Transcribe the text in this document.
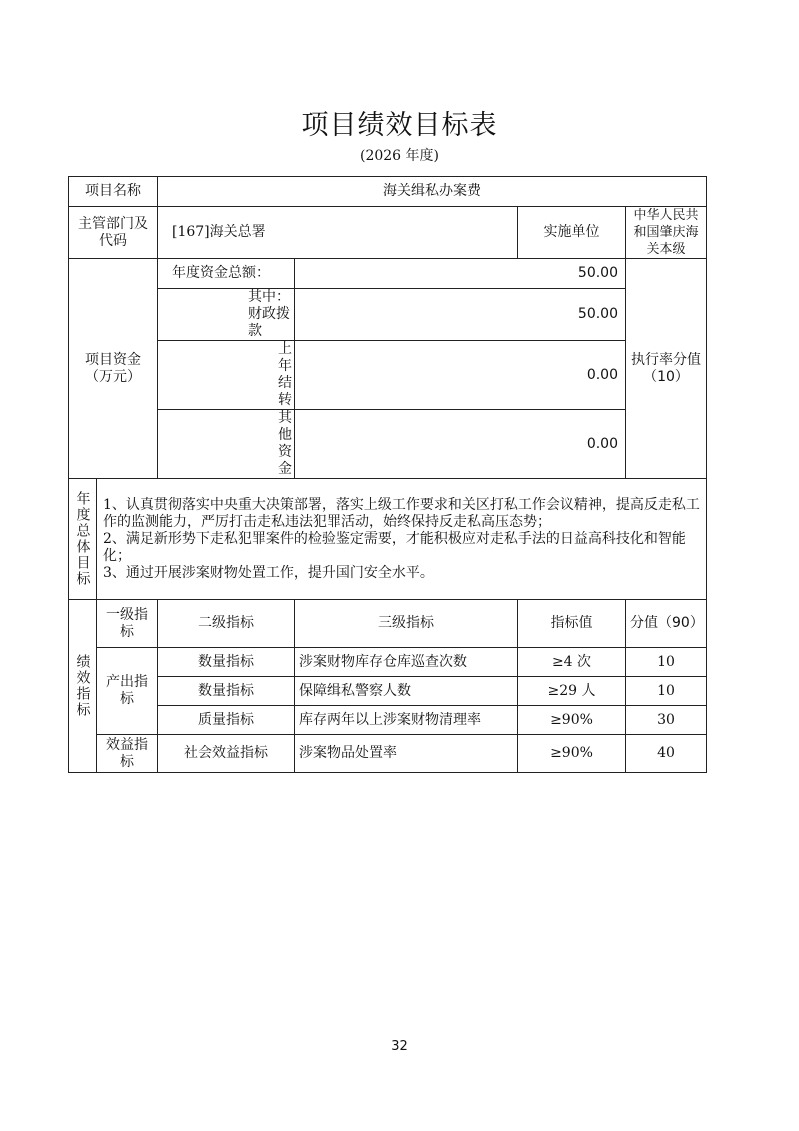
项目绩效目标表
(2026 年度)
项目名称		海关缉私办案费			
主管部门及代码		[167]海关总署		实施单位	中华人民共和国肇庆海关本级
项目资金（万元）		年度资金总额：	50.00		执行率分值（10）
		其中：财政拨款	50.00		
		上年结转	0.00		
		其他资金	0.00		

年度总体目标	1、认真贯彻落实中央重大决策部署，落实上级工作要求和关区打私工作会议精神，提高反走私工作的监测能力，严厉打击走私违法犯罪活动，始终保持反走私高压态势；
2、满足新形势下走私犯罪案件的检验鉴定需要，才能积极应对走私手法的日益高科技化和智能化；
3、通过开展涉案财物处置工作，提升国门安全水平。				

绩效指标	一级指标	二级指标	三级指标	指标值	分值（90）
	产出指标	数量指标	涉案财物库存仓库巡查次数	≥4 次	10
		数量指标	保障缉私警察人数	≥29 人	10
		质量指标	库存两年以上涉案财物清理率	≥90%	30
	效益指标	社会效益指标	涉案物品处置率	≥90%	40
32
